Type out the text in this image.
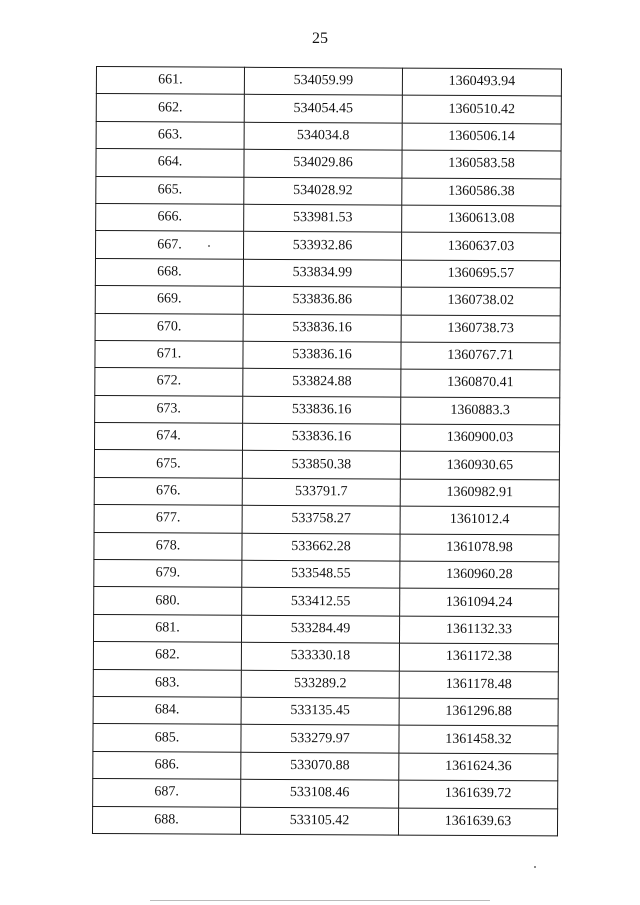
25
661.	534059.99	1360493.94
662.	534054.45	1360510.42
663.	534034.8	1360506.14
664.	534029.86	1360583.58
665.	534028.92	1360586.38
666.	533981.53	1360613.08
667.	533932.86	1360637.03
668.	533834.99	1360695.57
669.	533836.86	1360738.02
670.	533836.16	1360738.73
671.	533836.16	1360767.71
672.	533824.88	1360870.41
673.	533836.16	1360883.3
674.	533836.16	1360900.03
675.	533850.38	1360930.65
676.	533791.7	1360982.91
677.	533758.27	1361012.4
678.	533662.28	1361078.98
679.	533548.55	1360960.28
680.	533412.55	1361094.24
681.	533284.49	1361132.33
682.	533330.18	1361172.38
683.	533289.2	1361178.48
684.	533135.45	1361296.88
685.	533279.97	1361458.32
686.	533070.88	1361624.36
687.	533108.46	1361639.72
688.	533105.42	1361639.63
